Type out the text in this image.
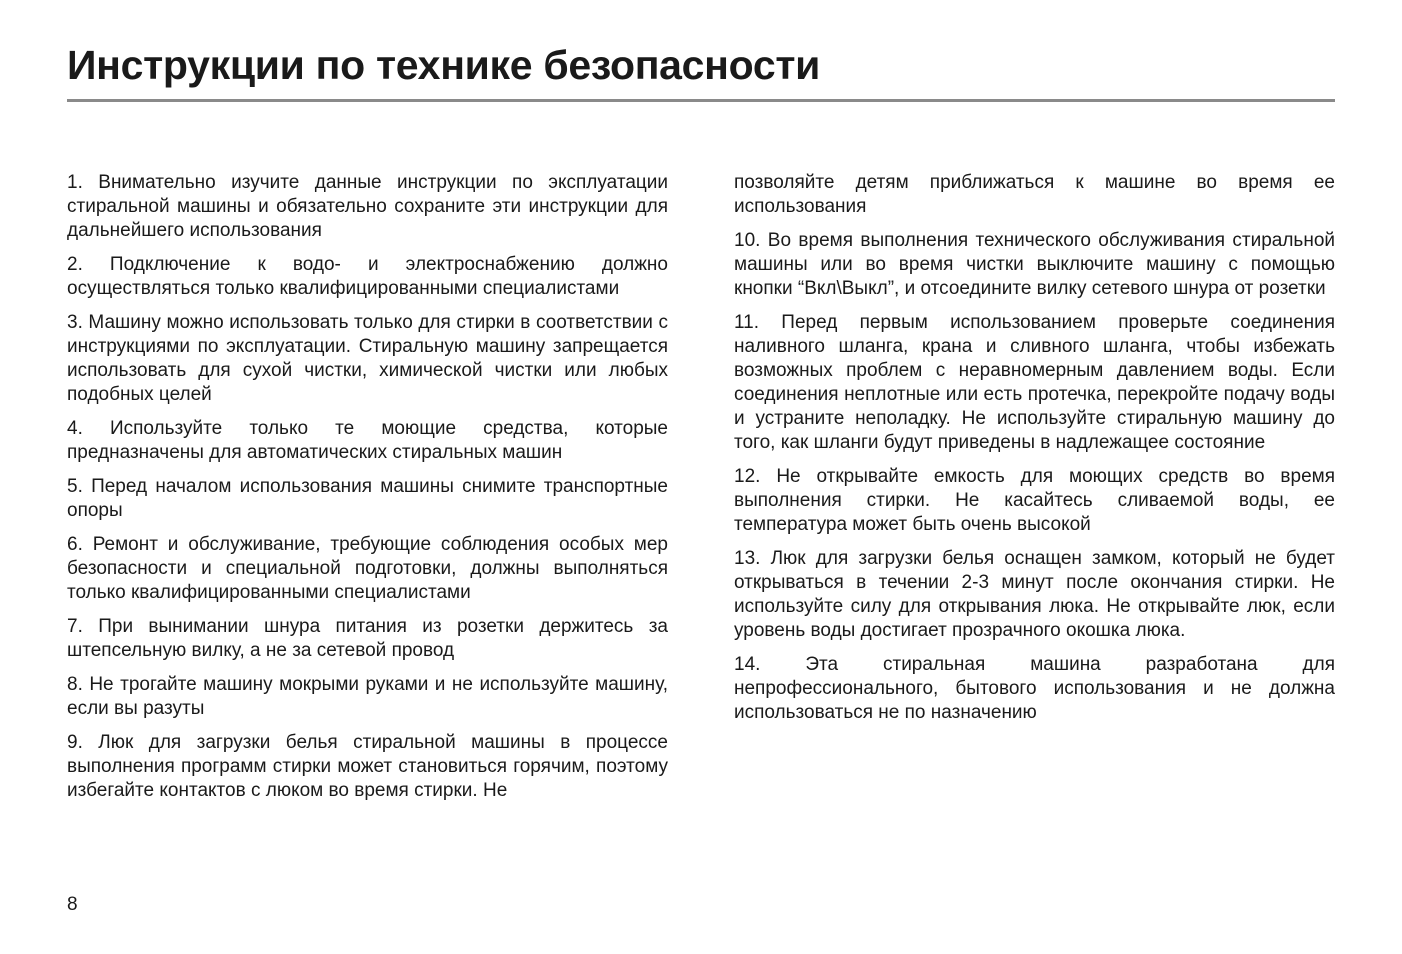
Инструкции по технике безопасности

1. Внимательно изучите данные инструкции по эксплуатации стиральной машины и обязательно сохраните эти инструкции для дальнейшего использования

2. Подключение к водо- и электроснабжению должно осуществляться только квалифицированными специалистами

3. Машину можно использовать только для стирки в соответствии с инструкциями по эксплуатации. Стиральную машину запрещается использовать для сухой чистки, химической чистки или любых подобных целей

4. Используйте только те моющие средства, которые предназначены для автоматических стиральных машин

5. Перед началом использования машины снимите транспортные опоры

6. Ремонт и обслуживание, требующие соблюдения особых мер безопасности и специальной подготовки, должны выполняться только квалифицированными специалистами

7. При вынимании шнура питания из розетки держитесь за штепсельную вилку, а не за сетевой провод

8. Не трогайте машину мокрыми руками и не используйте машину, если вы разуты

9. Люк для загрузки белья стиральной машины в процессе выполнения программ стирки может становиться горячим, поэтому избегайте контактов с люком во время стирки. Не

позволяйте детям приближаться к машине во время ее использования

10. Во время выполнения технического обслуживания стиральной машины или во время чистки выключите машину с помощью кнопки “Вкл\Выкл”, и отсоедините вилку сетевого шнура от розетки

11. Перед первым использованием проверьте соединения наливного шланга, крана и сливного шланга, чтобы избежать возможных проблем с неравномерным давлением воды. Если соединения неплотные или есть протечка, перекройте подачу воды и устраните неполадку. Не используйте стиральную машину до того, как шланги будут приведены в надлежащее состояние

12. Не открывайте емкость для моющих средств во время выполнения стирки. Не касайтесь сливаемой воды, ее температура может быть очень высокой

13. Люк для загрузки белья оснащен замком, который не будет открываться в течении 2-3 минут после окончания стирки. Не используйте силу для открывания люка. Не открывайте люк, если уровень воды достигает прозрачного окошка люка.

14. Эта стиральная машина разработана для непрофессионального, бытового использования и не должна использоваться не по назначению

8
